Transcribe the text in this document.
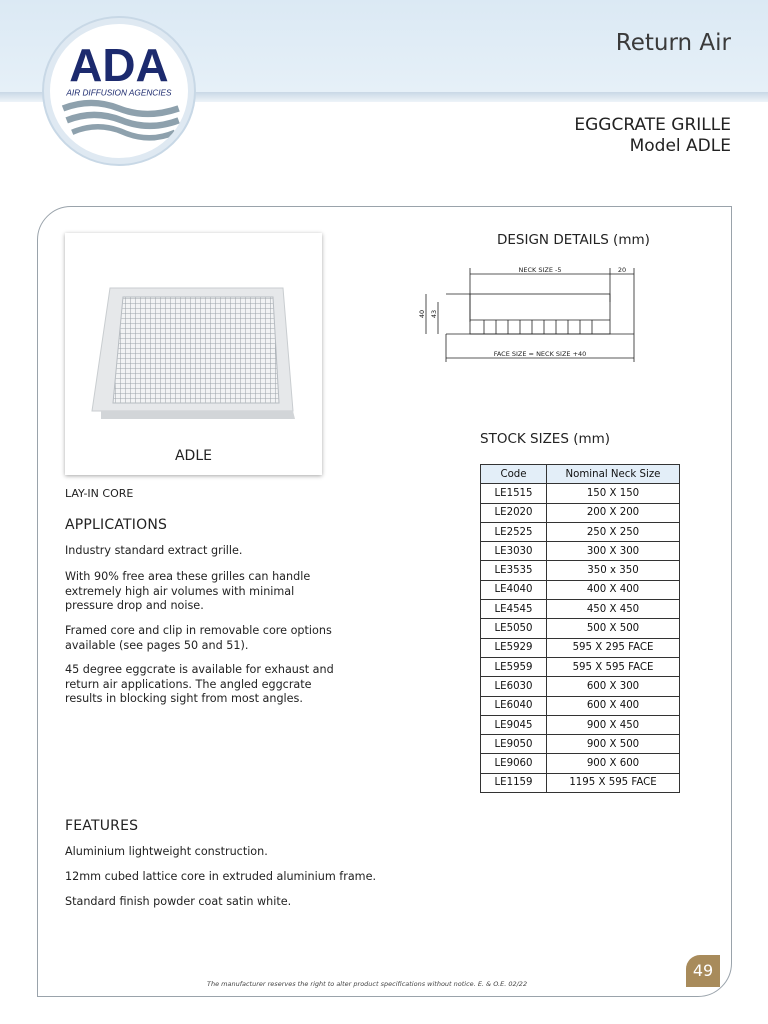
Return Air
ADA
AIR DIFFUSION AGENCIES
EGGCRATE GRILLE
Model ADLE
ADLE
LAY-IN CORE
APPLICATIONS
Industry standard extract grille.
With 90% free area these grilles can handle extremely high air volumes with minimal pressure drop and noise.
Framed core and clip in removable core options available (see pages 50 and 51).
45 degree eggcrate is available for exhaust and return air applications. The angled eggcrate results in blocking sight from most angles.
FEATURES
Aluminium lightweight construction.
12mm cubed lattice core in extruded aluminium frame.
Standard finish powder coat satin white.
DESIGN DETAILS (mm)
NECK SIZE -5	20
40 43
FACE SIZE = NECK SIZE +40
STOCK SIZES (mm)
Code	Nominal Neck Size
LE1515	150 X 150
LE2020	200 X 200
LE2525	250 X 250
LE3030	300 X 300
LE3535	350 x 350
LE4040	400 X 400
LE4545	450 X 450
LE5050	500 X 500
LE5929	595 X 295 FACE
LE5959	595 X 595 FACE
LE6030	600 X 300
LE6040	600 X 400
LE9045	900 X 450
LE9050	900 X 500
LE9060	900 X 600
LE1159	1195 X 595 FACE
The manufacturer reserves the right to alter product specifications without notice. E. & O.E. 02/22
49
